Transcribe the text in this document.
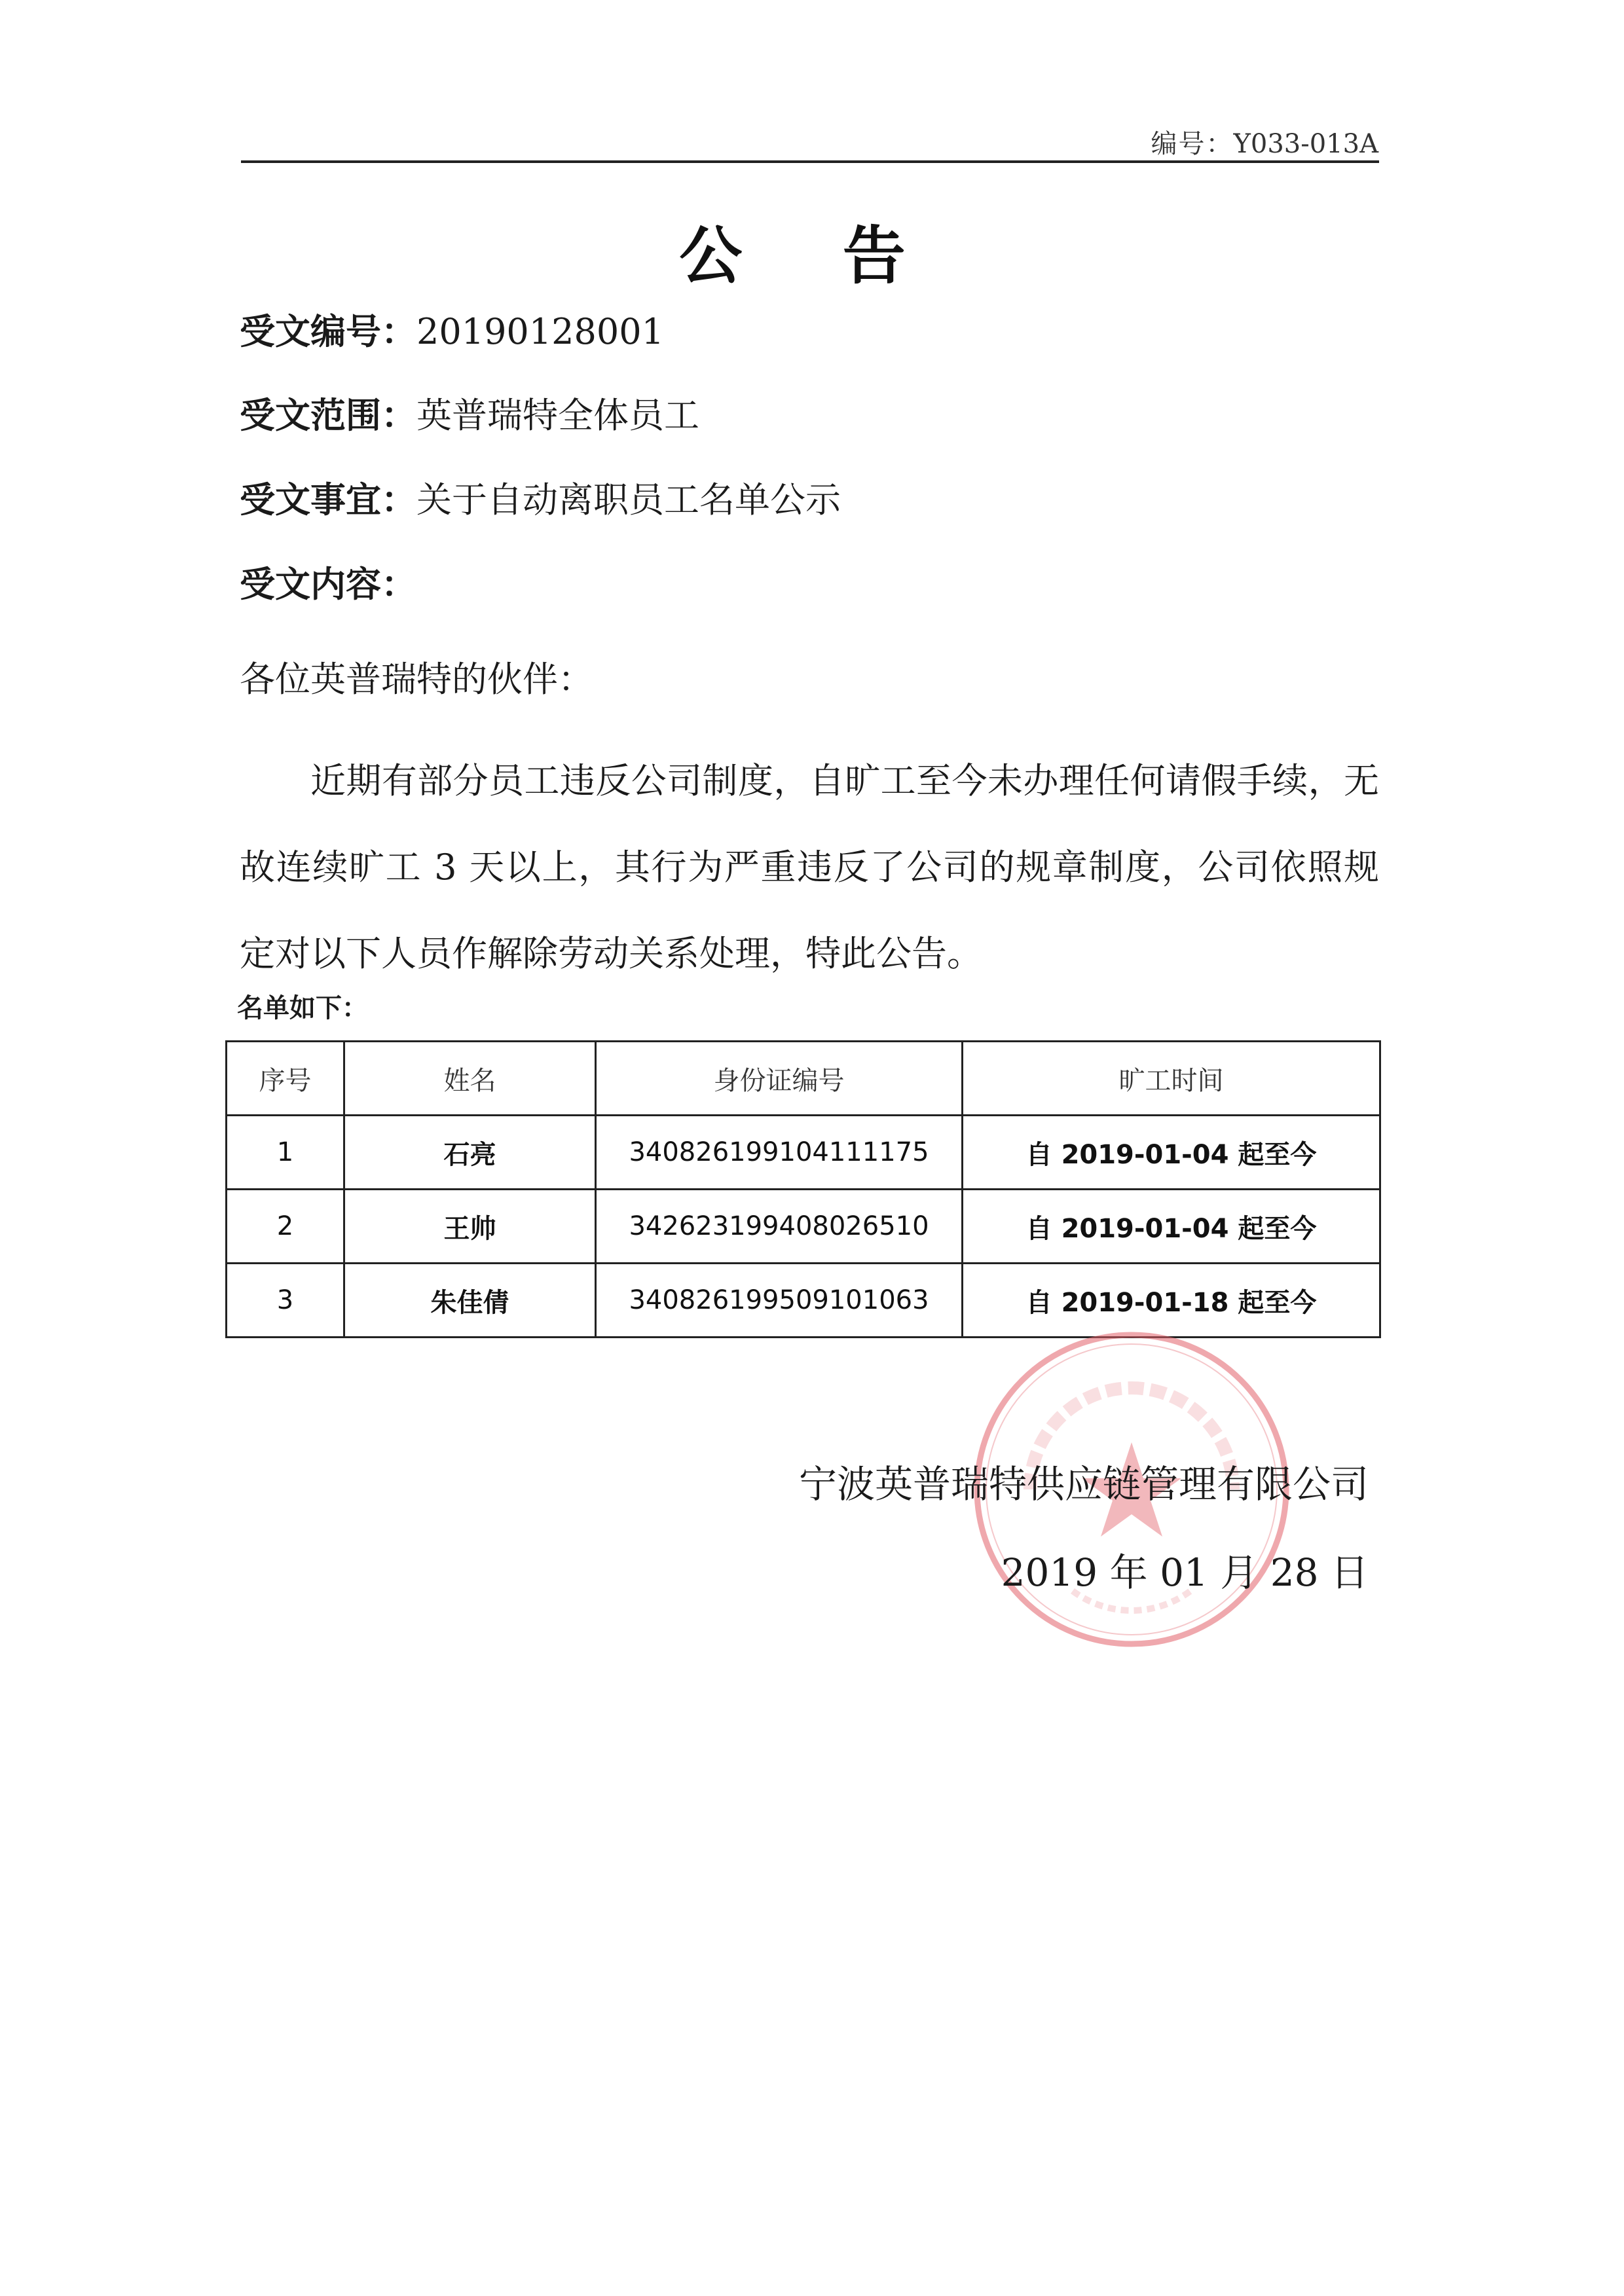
编号：Y033-013A
公 告
受文编号：20190128001
受文范围：英普瑞特全体员工
受文事宜：关于自动离职员工名单公示
受文内容：
各位英普瑞特的伙伴：

近期有部分员工违反公司制度，自旷工至今未办理任何请假手续，无故连续旷工 3 天以上，其行为严重违反了公司的规章制度，公司依照规定对以下人员作解除劳动关系处理，特此公告。

名单如下：
序号	姓名	身份证编号	旷工时间
1	石亮	340826199104111175	自 2019-01-04 起至今
2	王帅	342623199408026510	自 2019-01-04 起至今
3	朱佳倩	340826199509101063	自 2019-01-18 起至今
宁波英普瑞特供应链管理有限公司
2019 年 01 月 28 日
